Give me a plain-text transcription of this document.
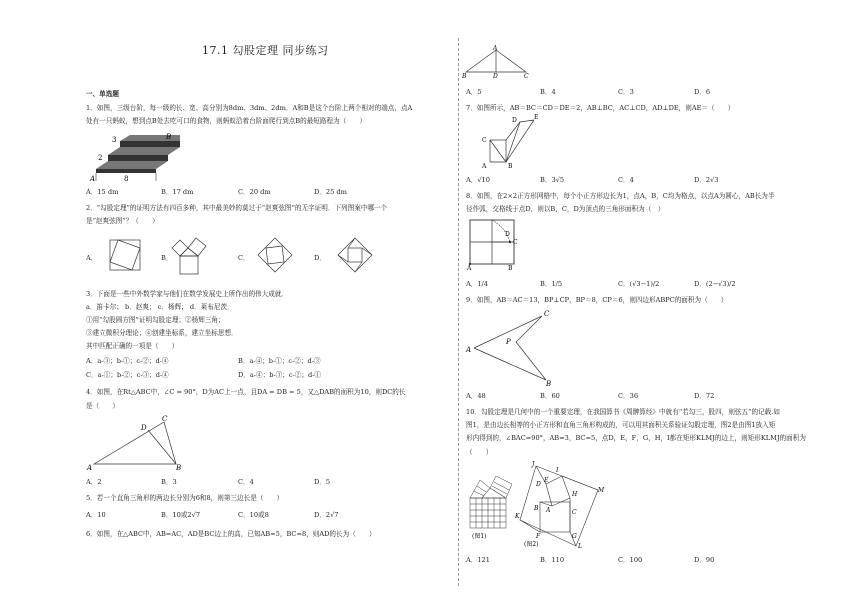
17.1 勾股定理 同步练习
一、单选题
1．如图，三级台阶，每一级的长、宽、高分别为8dm、3dm、2dm．A和B是这个台阶上两个相对的端点，点A
处有一只蚂蚁，想到点B处去吃可口的食物，则蚂蚁沿着台阶面爬行到点B的最短路程为（　　）
B
A
3
2
8
A．15 dm	B．17 dm	C．20 dm	D．25 dm
2．“勾股定理”的证明方法有四百多种，其中最美妙的莫过于“赵爽弦图”的无字证明．下列图案中哪一个
是“赵爽弦图”？（　　）
A．	B．	C．	D．
3．下面是一些中外数学家与他们在数学发展史上所作出的伟大成就．
a．笛卡尔； b．赵爽； c．杨辉； d．莱布尼茨．
①用“勾股圆方图”证明勾股定理；②杨辉三角；
③建立微积分理论；④创建坐标系，建立坐标思想．
其中匹配正确的一项是（　　）
A．a-③；b-①；c-②；d-④	B．a-④；b-①；c-②；d-③
C．a-①；b-②；c-③；d-④	D．a-④；b-③；c-②；d-①
4．如图，在Rt△ABC中，∠C = 90°，D为AC上一点，且DA = DB = 5，又△DAB的面积为10，则DC的长
是（　　）
A	B
C
D
A．2	B．3	C．4	D．5
5．若一个直角三角形的两边长分别为6和8，则第三边长是（　　）
A．10	B．10或2√7	C．10或8	D．2√7
6．如图，在△ABC中，AB=AC，AD是BC边上的高，已知AB=5，BC=8，则AD的长为（　　）
A
B	D	C
A．5	B．4	C．3	D．6
7．如图所示，AB＝BC＝CD＝DE＝2，AB⊥BC，AC⊥CD，AD⊥DE，则AE＝（　　）
A	B
C
D	E
A．√10	B．3√5	C．4	D．2√3
8．如图，在2×2正方形网格中，每个小正方形边长为1，点A，B，C均为格点，以点A为圆心，AB长为半
径作弧，交格线于点D，则以B，C，D为顶点的三角形面积为（　）
A	B
C
D
A．1/4	B．1/5	C．(√3−1)/2	D．(2−√3)/2
9．如图，AB＝AC＝13，BP⊥CP，BP＝8，CP＝6，则四边形ABPC的面积为（　　）
A
C
P
B
A．48	B．60	C．36	D．72
10．勾股定理是几何中的一个重要定理，在我国算书《周髀算经》中就有“若勾三，股四，则弦五”的记载.如
图1，是由边长相等的小正方形和直角三角形构成的，可以用其面积关系验证勾股定理，图2是由图1放入矩
形内得到的，∠BAC=90°，AB=3，BC=5，点D，E，F，G，H，I都在矩形KLMJ的边上，则矩形KLMJ的面积为
（　　）
(图1)
J
I
D
E
H
M
K
B A	C
F	G
L
(图2)
A．121	B．110	C．100	D．90
